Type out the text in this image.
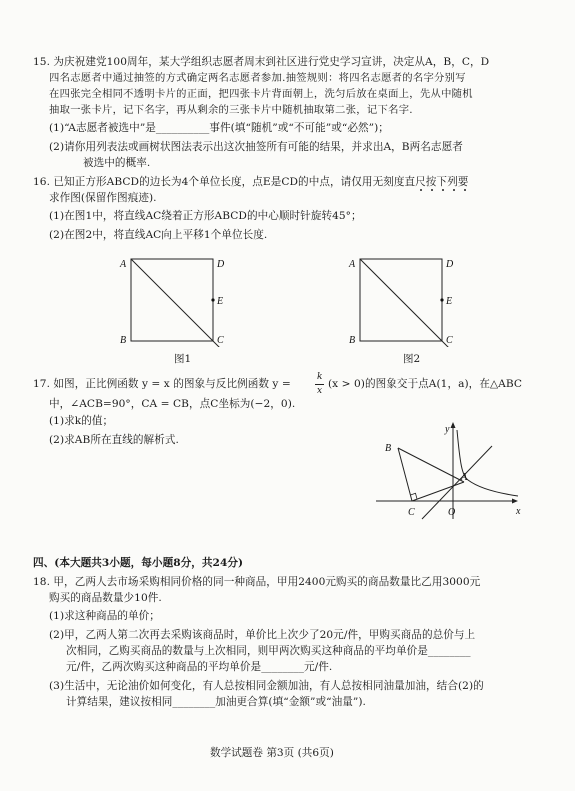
15. 为庆祝建党100周年，某大学组织志愿者周末到社区进行党史学习宣讲，决定从A，B，C，D
四名志愿者中通过抽签的方式确定两名志愿者参加.抽签规则：将四名志愿者的名字分别写
在四张完全相同不透明卡片的正面，把四张卡片背面朝上，洗匀后放在桌面上，先从中随机
抽取一张卡片，记下名字，再从剩余的三张卡片中随机抽取第二张，记下名字.
(1)“A志愿者被选中”是__________事件(填“随机”或“不可能”或“必然”)；
(2)请你用列表法或画树状图法表示出这次抽签所有可能的结果，并求出A，B两名志愿者
被选中的概率.
16. 已知正方形ABCD的边长为4个单位长度，点E是CD的中点，请仅用无刻度直尺按下列要
求作图(保留作图痕迹).
(1)在图1中，将直线AC绕着正方形ABCD的中心顺时针旋转45°；
(2)在图2中，将直线AC向上平移1个单位长度.
A	D
E
B	C
图1
A	D
E
B	C
图2
17. 如图，正比例函数 y = x 的图象与反比例函数 y =
k
x
(x > 0)的图象交于点A(1，a)，在△ABC
中，∠ACB=90°，CA = CB，点C坐标为(−2，0).
(1)求k的值；
(2)求AB所在直线的解析式.
y
x
O
A
B
C
四、(本大题共3小题，每小题8分，共24分)
18. 甲，乙两人去市场采购相同价格的同一种商品，甲用2400元购买的商品数量比乙用3000元
购买的商品数量少10件.
(1)求这种商品的单价；
(2)甲，乙两人第二次再去采购该商品时，单价比上次少了20元/件，甲购买商品的总价与上
次相同，乙购买商品的数量与上次相同，则甲两次购买这种商品的平均单价是________
元/件，乙两次购买这种商品的平均单价是________元/件.
(3)生活中，无论油价如何变化，有人总按相同金额加油，有人总按相同油量加油，结合(2)的
计算结果，建议按相同________加油更合算(填“金额”或“油量”).
数学试题卷 第3页 (共6页)
